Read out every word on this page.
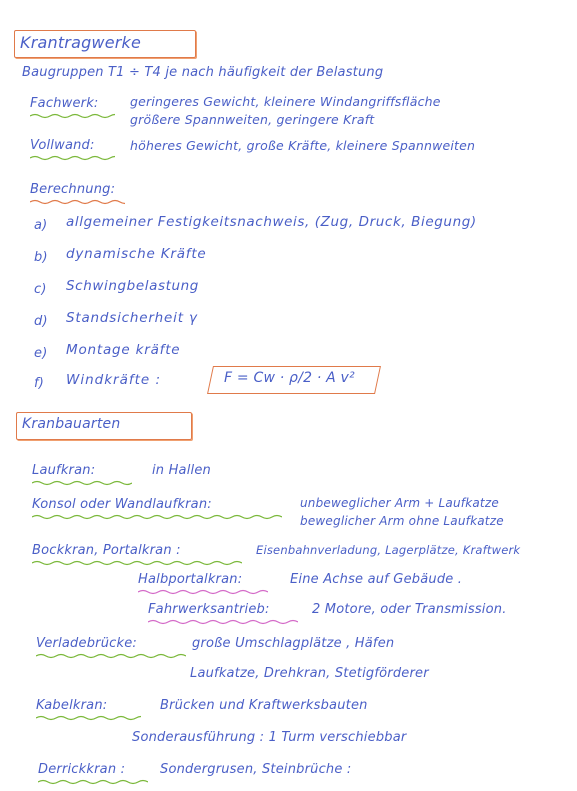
Krantragwerke
Baugruppen T1 ÷ T4 je nach häufigkeit der Belastung
Fachwerk:	geringeres Gewicht, kleinere Windangriffsfläche
größere Spannweiten, geringere Kraft
Vollwand:	höheres Gewicht, große Kräfte, kleinere Spannweiten
Berechnung:
a) allgemeiner Festigkeitsnachweis, (Zug, Druck, Biegung)
b) dynamische Kräfte
c) Schwingbelastung
d) Standsicherheit γ
e) Montage kräfte
f) Windkräfte :	F = Cw · ρ/2 · A v²
Kranbauarten
Laufkran:	in Hallen
Konsol oder Wandlaufkran:	unbeweglicher Arm + Laufkatze
beweglicher Arm ohne Laufkatze
Bockkran, Portalkran :	Eisenbahnverladung, Lagerplätze, Kraftwerk
Halbportalkran:	Eine Achse auf Gebäude .
Fahrwerksantrieb:	2 Motore, oder Transmission.
Verladebrücke:	große Umschlagplätze , Häfen
Laufkatze, Drehkran, Stetigförderer
Kabelkran:	Brücken und Kraftwerksbauten
Sonderausführung : 1 Turm verschiebbar
Derrickkran :	Sondergrusen, Steinbrüche :
